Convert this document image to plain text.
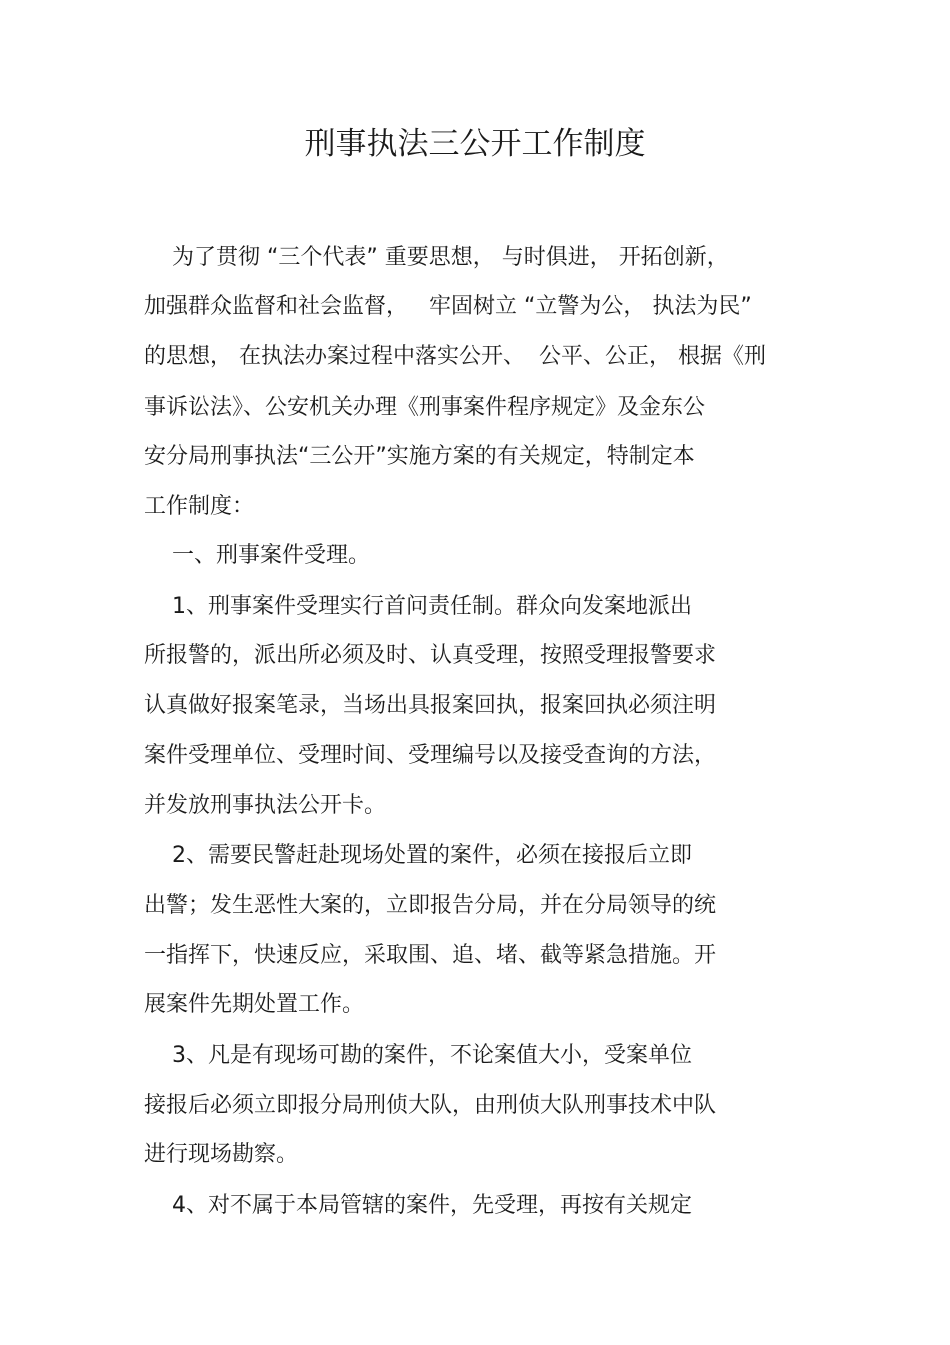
刑事执法三公开工作制度
为了贯彻 “三个代表” 重要思想， 与时俱进， 开拓创新，
加强群众监督和社会监督，   牢固树立 “立警为公， 执法为民”
的思想， 在执法办案过程中落实公开、  公平、公正， 根据《刑
事诉讼法》、公安机关办理《刑事案件程序规定》及金东公
安分局刑事执法“三公开”实施方案的有关规定，特制定本
工作制度：
一、刑事案件受理。
1、刑事案件受理实行首问责任制。群众向发案地派出
所报警的，派出所必须及时、认真受理，按照受理报警要求
认真做好报案笔录，当场出具报案回执，报案回执必须注明
案件受理单位、受理时间、受理编号以及接受查询的方法，
并发放刑事执法公开卡。
2、需要民警赶赴现场处置的案件，必须在接报后立即
出警；发生恶性大案的，立即报告分局，并在分局领导的统
一指挥下，快速反应，采取围、追、堵、截等紧急措施。开
展案件先期处置工作。
3、凡是有现场可勘的案件，不论案值大小，受案单位
接报后必须立即报分局刑侦大队，由刑侦大队刑事技术中队
进行现场勘察。
4、对不属于本局管辖的案件，先受理，再按有关规定
